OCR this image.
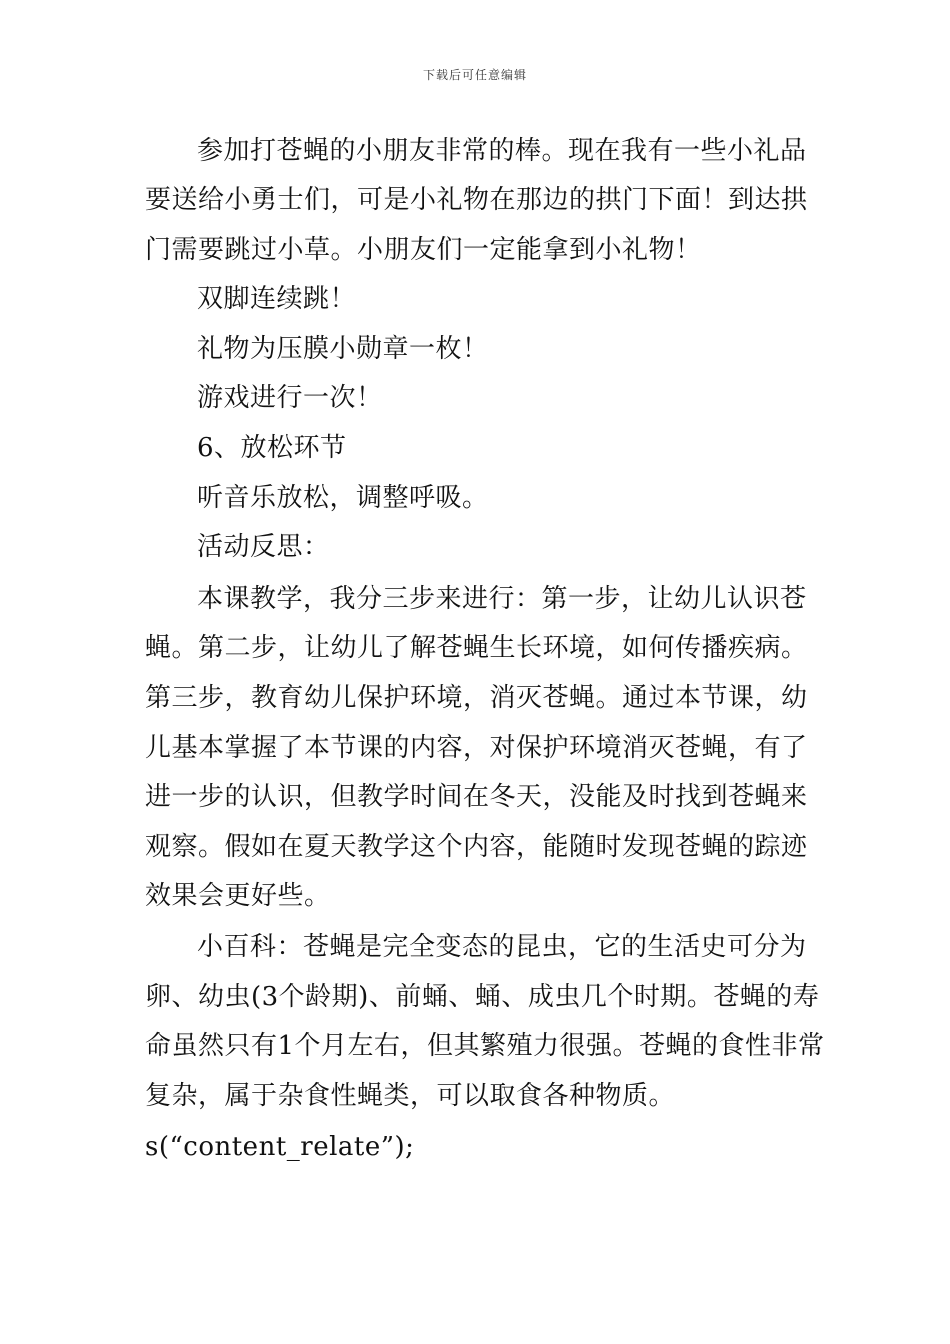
下载后可任意编辑
参加打苍蝇的小朋友非常的棒。现在我有一些小礼品
要送给小勇士们，可是小礼物在那边的拱门下面！到达拱
门需要跳过小草。小朋友们一定能拿到小礼物！
双脚连续跳！
礼物为压膜小勋章一枚！
游戏进行一次！
6、放松环节
听音乐放松，调整呼吸。
活动反思：
本课教学，我分三步来进行：第一步，让幼儿认识苍
蝇。第二步，让幼儿了解苍蝇生长环境，如何传播疾病。
第三步，教育幼儿保护环境，消灭苍蝇。通过本节课，幼
儿基本掌握了本节课的内容，对保护环境消灭苍蝇，有了
进一步的认识，但教学时间在冬天，没能及时找到苍蝇来
观察。假如在夏天教学这个内容，能随时发现苍蝇的踪迹
效果会更好些。
小百科：苍蝇是完全变态的昆虫，它的生活史可分为
卵、幼虫(3个龄期)、前蛹、蛹、成虫几个时期。苍蝇的寿
命虽然只有1个月左右，但其繁殖力很强。苍蝇的食性非常
复杂，属于杂食性蝇类，可以取食各种物质。
s(“content_relate”);
